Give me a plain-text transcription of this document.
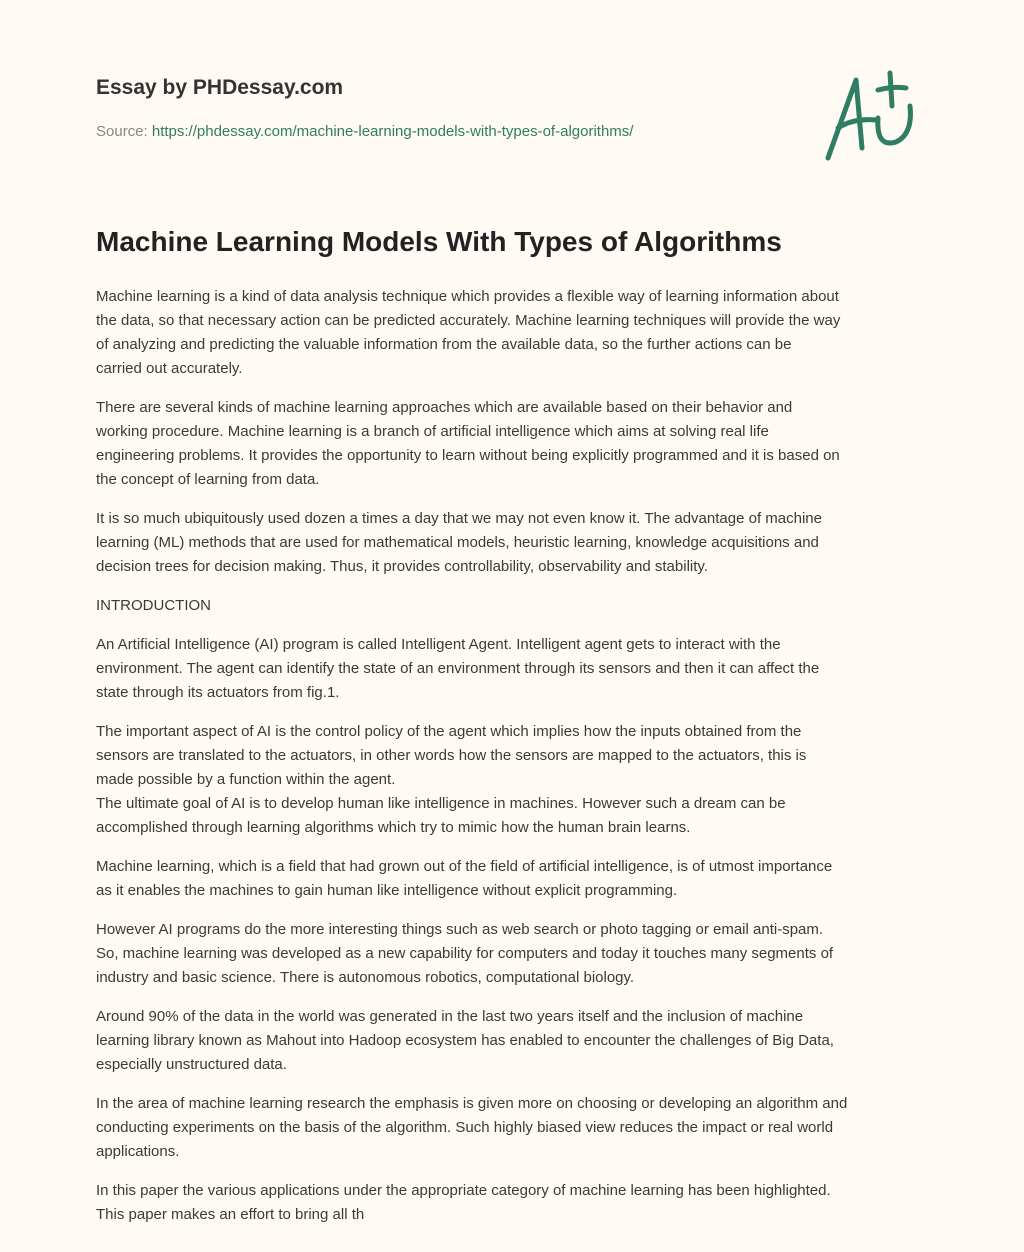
Essay by PHDessay.com
Source: https://phdessay.com/machine-learning-models-with-types-of-algorithms/
Machine Learning Models With Types of Algorithms

Machine learning is a kind of data analysis technique which provides a flexible way of learning information about
the data, so that necessary action can be predicted accurately. Machine learning techniques will provide the way
of analyzing and predicting the valuable information from the available data, so the further actions can be
carried out accurately.

There are several kinds of machine learning approaches which are available based on their behavior and
working procedure. Machine learning is a branch of artificial intelligence which aims at solving real life
engineering problems. It provides the opportunity to learn without being explicitly programmed and it is based on
the concept of learning from data.

It is so much ubiquitously used dozen a times a day that we may not even know it. The advantage of machine
learning (ML) methods that are used for mathematical models, heuristic learning, knowledge acquisitions and
decision trees for decision making. Thus, it provides controllability, observability and stability.

INTRODUCTION

An Artificial Intelligence (AI) program is called Intelligent Agent. Intelligent agent gets to interact with the
environment. The agent can identify the state of an environment through its sensors and then it can affect the
state through its actuators from fig.1.

The important aspect of AI is the control policy of the agent which implies how the inputs obtained from the
sensors are translated to the actuators, in other words how the sensors are mapped to the actuators, this is
made possible by a function within the agent.
The ultimate goal of AI is to develop human like intelligence in machines. However such a dream can be
accomplished through learning algorithms which try to mimic how the human brain learns.

Machine learning, which is a field that had grown out of the field of artificial intelligence, is of utmost importance
as it enables the machines to gain human like intelligence without explicit programming.

However AI programs do the more interesting things such as web search or photo tagging or email anti-spam.
So, machine learning was developed as a new capability for computers and today it touches many segments of
industry and basic science. There is autonomous robotics, computational biology.

Around 90% of the data in the world was generated in the last two years itself and the inclusion of machine
learning library known as Mahout into Hadoop ecosystem has enabled to encounter the challenges of Big Data,
especially unstructured data.

In the area of machine learning research the emphasis is given more on choosing or developing an algorithm and
conducting experiments on the basis of the algorithm. Such highly biased view reduces the impact or real world
applications.

In this paper the various applications under the appropriate category of machine learning has been highlighted.
This paper makes an effort to bring all th
